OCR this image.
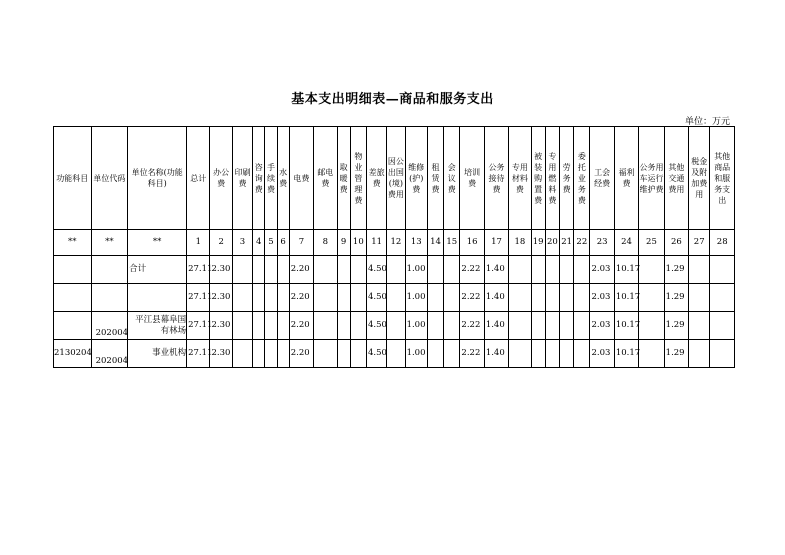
基本支出明细表—商品和服务支出
单位：万元
功能科目	单位代码	单位名称(功能科目)	总计	办公费	印刷费	咨询费	手续费	水费	电费	邮电费	取暖费	物业管理费	差旅费	因公出国(境)费用	维修(护)费	租赁费	会议费	培训费	公务接待费	专用材料费	被装购置费	专用燃料费	劳务费	委托业务费	工会经费	福利费	公务用车运行维护费	其他交通费用	税金及附加费用	其他商品和服务支出
**	**	**	1	2	3	4	5	6	7	8	9	10	11	12	13	14	15	16	17	18	19	20	21	22	23	24	25	26	27	28
		合计	27.11	2.30					2.20				4.50		1.00			2.22	1.40						2.03	10.17		1.29		
			27.11	2.30					2.20				4.50		1.00			2.22	1.40						2.03	10.17		1.29		
	202004	平江县幕阜国有林场	27.11	2.30					2.20				4.50		1.00			2.22	1.40						2.03	10.17		1.29		
2130204	202004	事业机构	27.11	2.30					2.20				4.50		1.00			2.22	1.40						2.03	10.17		1.29		
